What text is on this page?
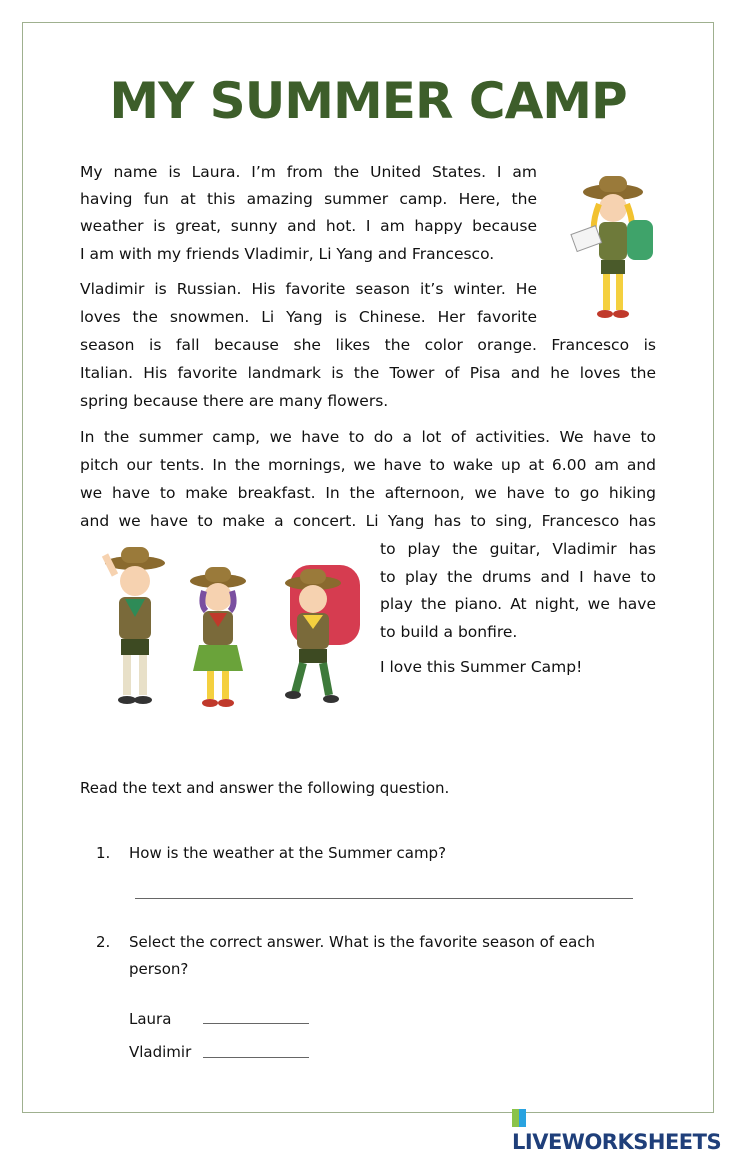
MY SUMMER CAMP
My name is Laura. I’m from the United States. I am
having fun at this amazing summer camp. Here, the
weather is great, sunny and hot. I am happy because
I am with my friends Vladimir, Li Yang and Francesco.
Vladimir is Russian. His favorite season it’s winter. He
loves the snowmen. Li Yang is Chinese. Her favorite
season is fall because she likes the color orange. Francesco is
Italian. His favorite landmark is the Tower of Pisa and he loves the
spring because there are many flowers.
In the summer camp, we have to do a lot of activities. We have to
pitch our tents. In the mornings, we have to wake up at 6.00 am and
we have to make breakfast. In the afternoon, we have to go hiking
and we have to make a concert. Li Yang has to sing, Francesco has
to play the guitar, Vladimir has
to play the drums and I have to
play the piano. At night, we have
to build a bonfire.
I love this Summer Camp!
Read the text and answer the following question.
1. How is the weather at the Summer camp?
2. Select the correct answer. What is the favorite season of each
person?
Laura
Vladimir
LIVEWORKSHEETS
